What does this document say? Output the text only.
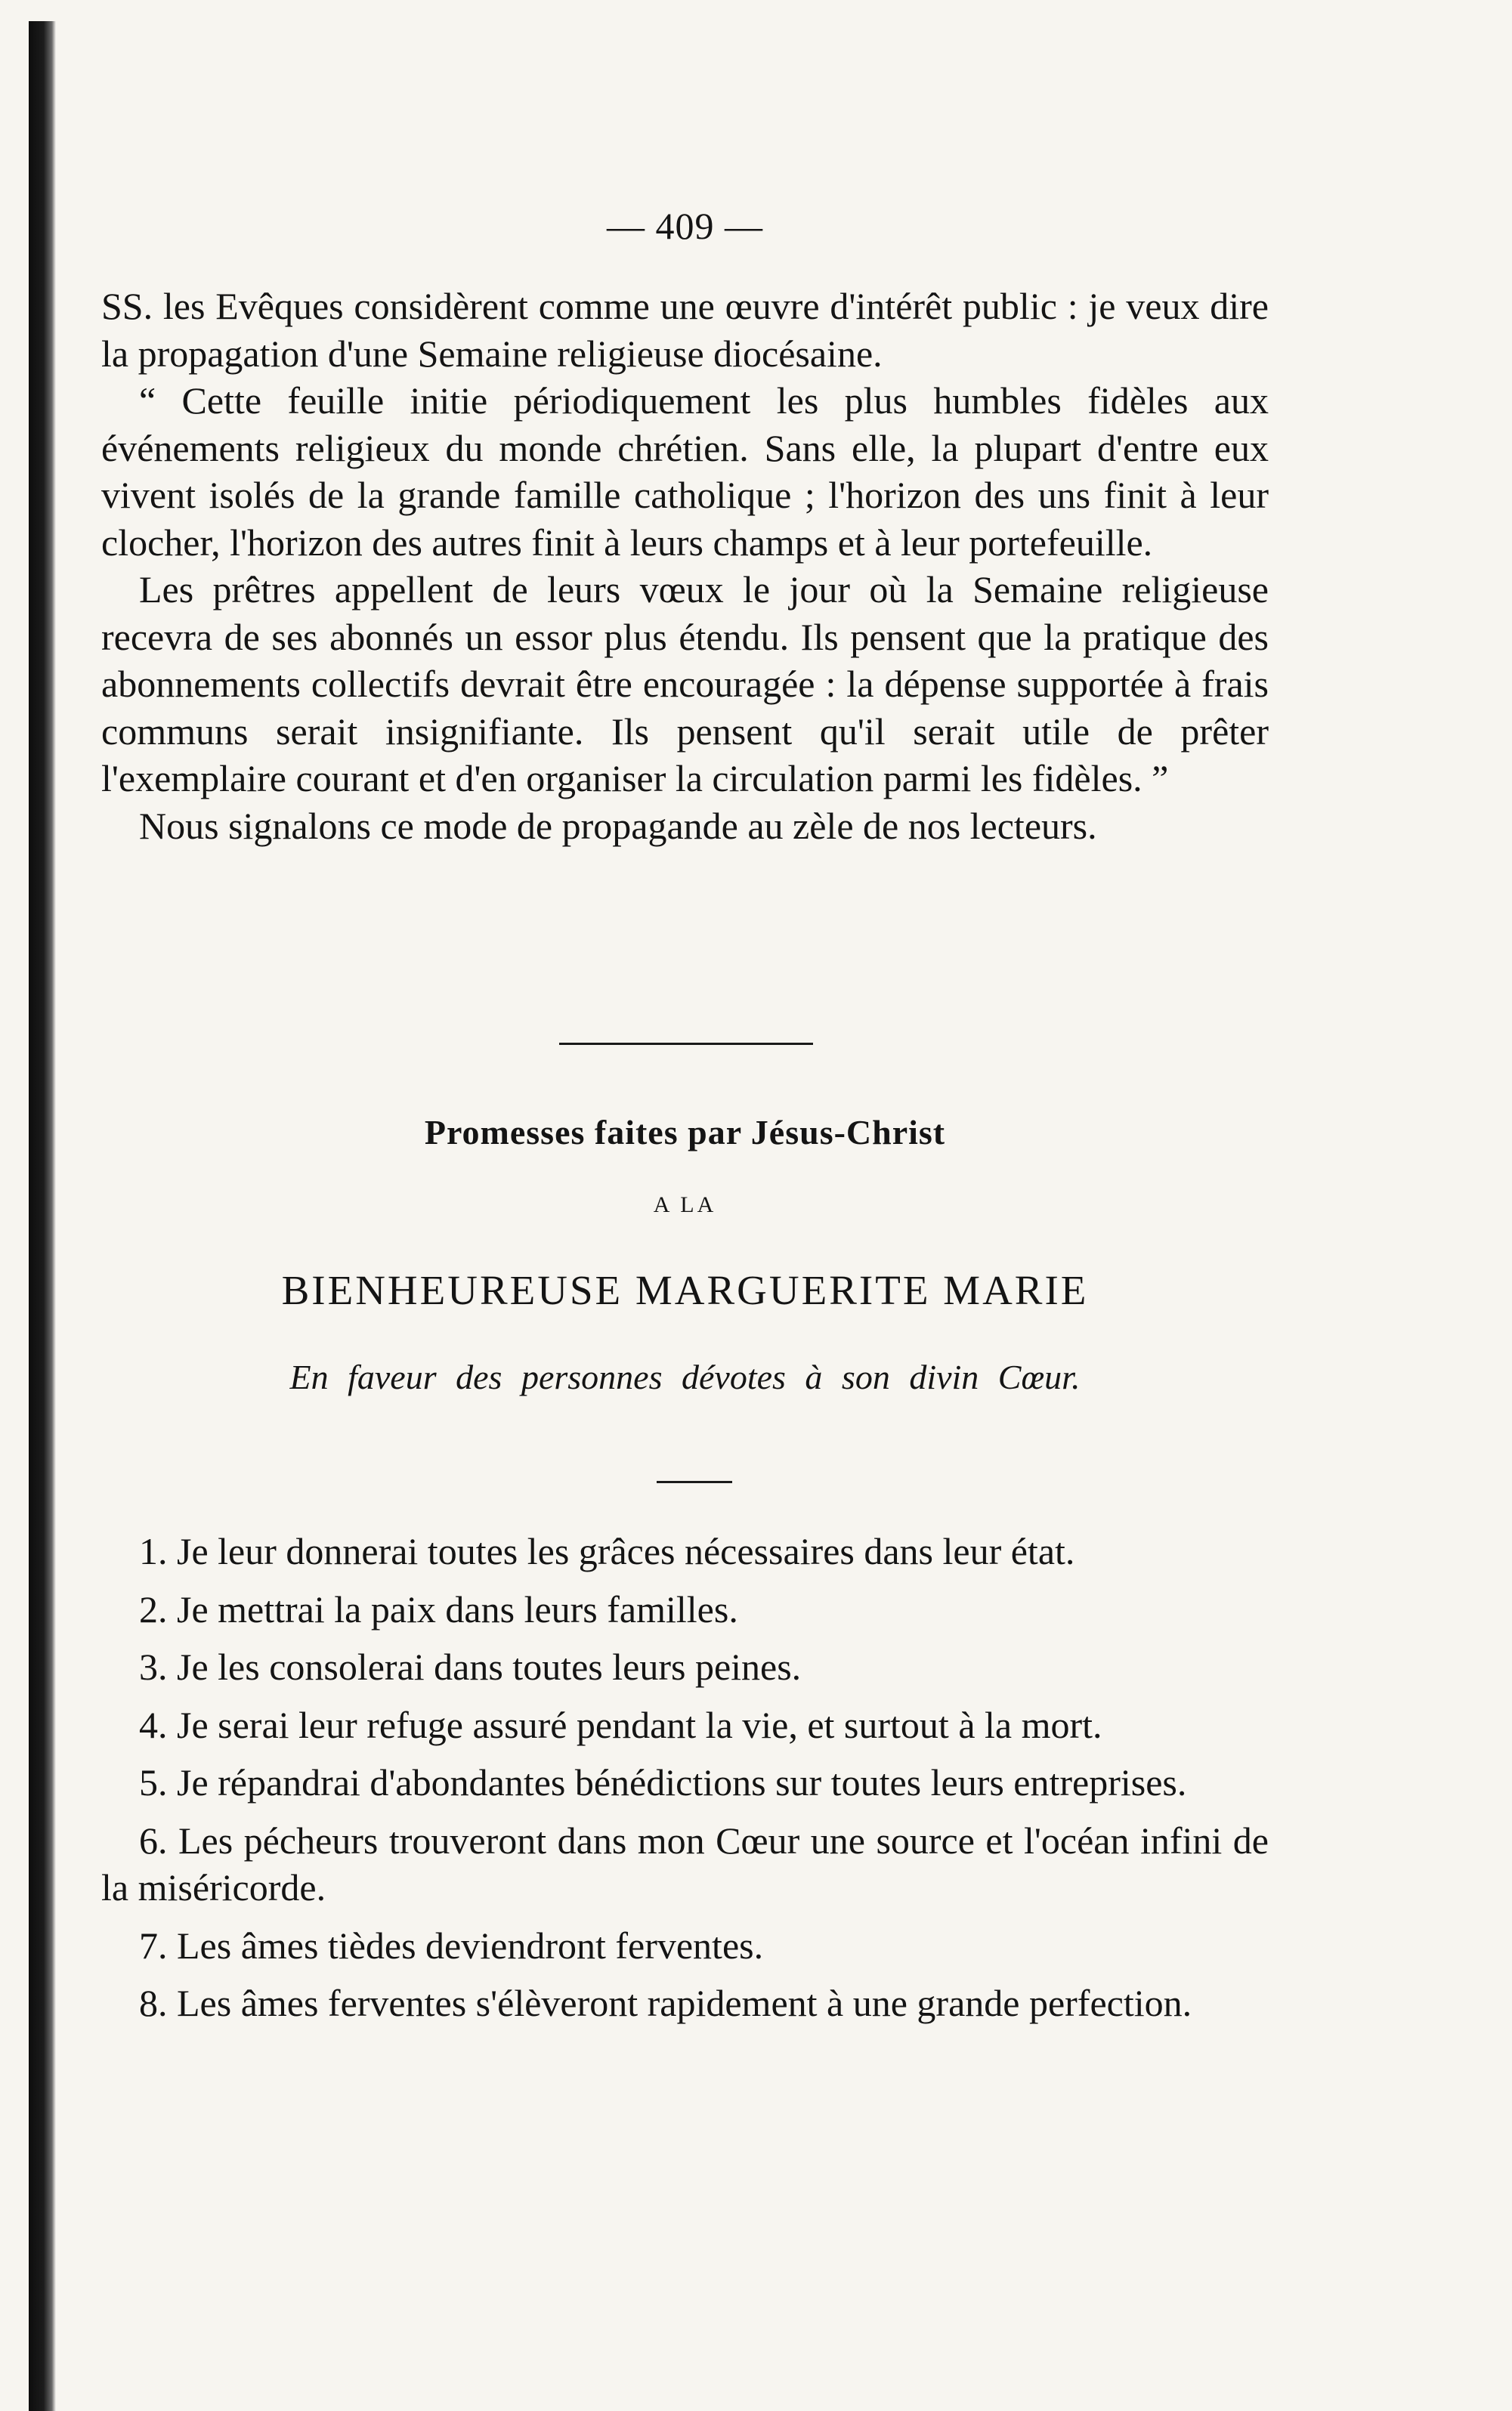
— 409 —

SS. les Evêques considèrent comme une œuvre d'intérêt public : je veux dire la propagation d'une Semaine religieuse diocésaine.

“ Cette feuille initie périodiquement les plus humbles fidèles aux événements religieux du monde chrétien. Sans elle, la plupart d'entre eux vivent isolés de la grande famille catholique ; l'horizon des uns finit à leur clocher, l'horizon des autres finit à leurs champs et à leur portefeuille.

Les prêtres appellent de leurs vœux le jour où la Semaine religieuse recevra de ses abonnés un essor plus étendu. Ils pensent que la pratique des abonnements collectifs devrait être encouragée : la dépense supportée à frais communs serait insignifiante. Ils pensent qu'il serait utile de prêter l'exemplaire courant et d'en organiser la circulation parmi les fidèles. ”

Nous signalons ce mode de propagande au zèle de nos lecteurs.

Promesses faites par Jésus-Christ
A LA
BIENHEUREUSE MARGUERITE MARIE
En faveur des personnes dévotes à son divin Cœur.

1. Je leur donnerai toutes les grâces nécessaires dans leur état.

2. Je mettrai la paix dans leurs familles.

3. Je les consolerai dans toutes leurs peines.

4. Je serai leur refuge assuré pendant la vie, et surtout à la mort.

5. Je répandrai d'abondantes bénédictions sur toutes leurs entreprises.

6. Les pécheurs trouveront dans mon Cœur une source et l'océan infini de la miséricorde.

7. Les âmes tièdes deviendront ferventes.

8. Les âmes ferventes s'élèveront rapidement à une grande perfection.
